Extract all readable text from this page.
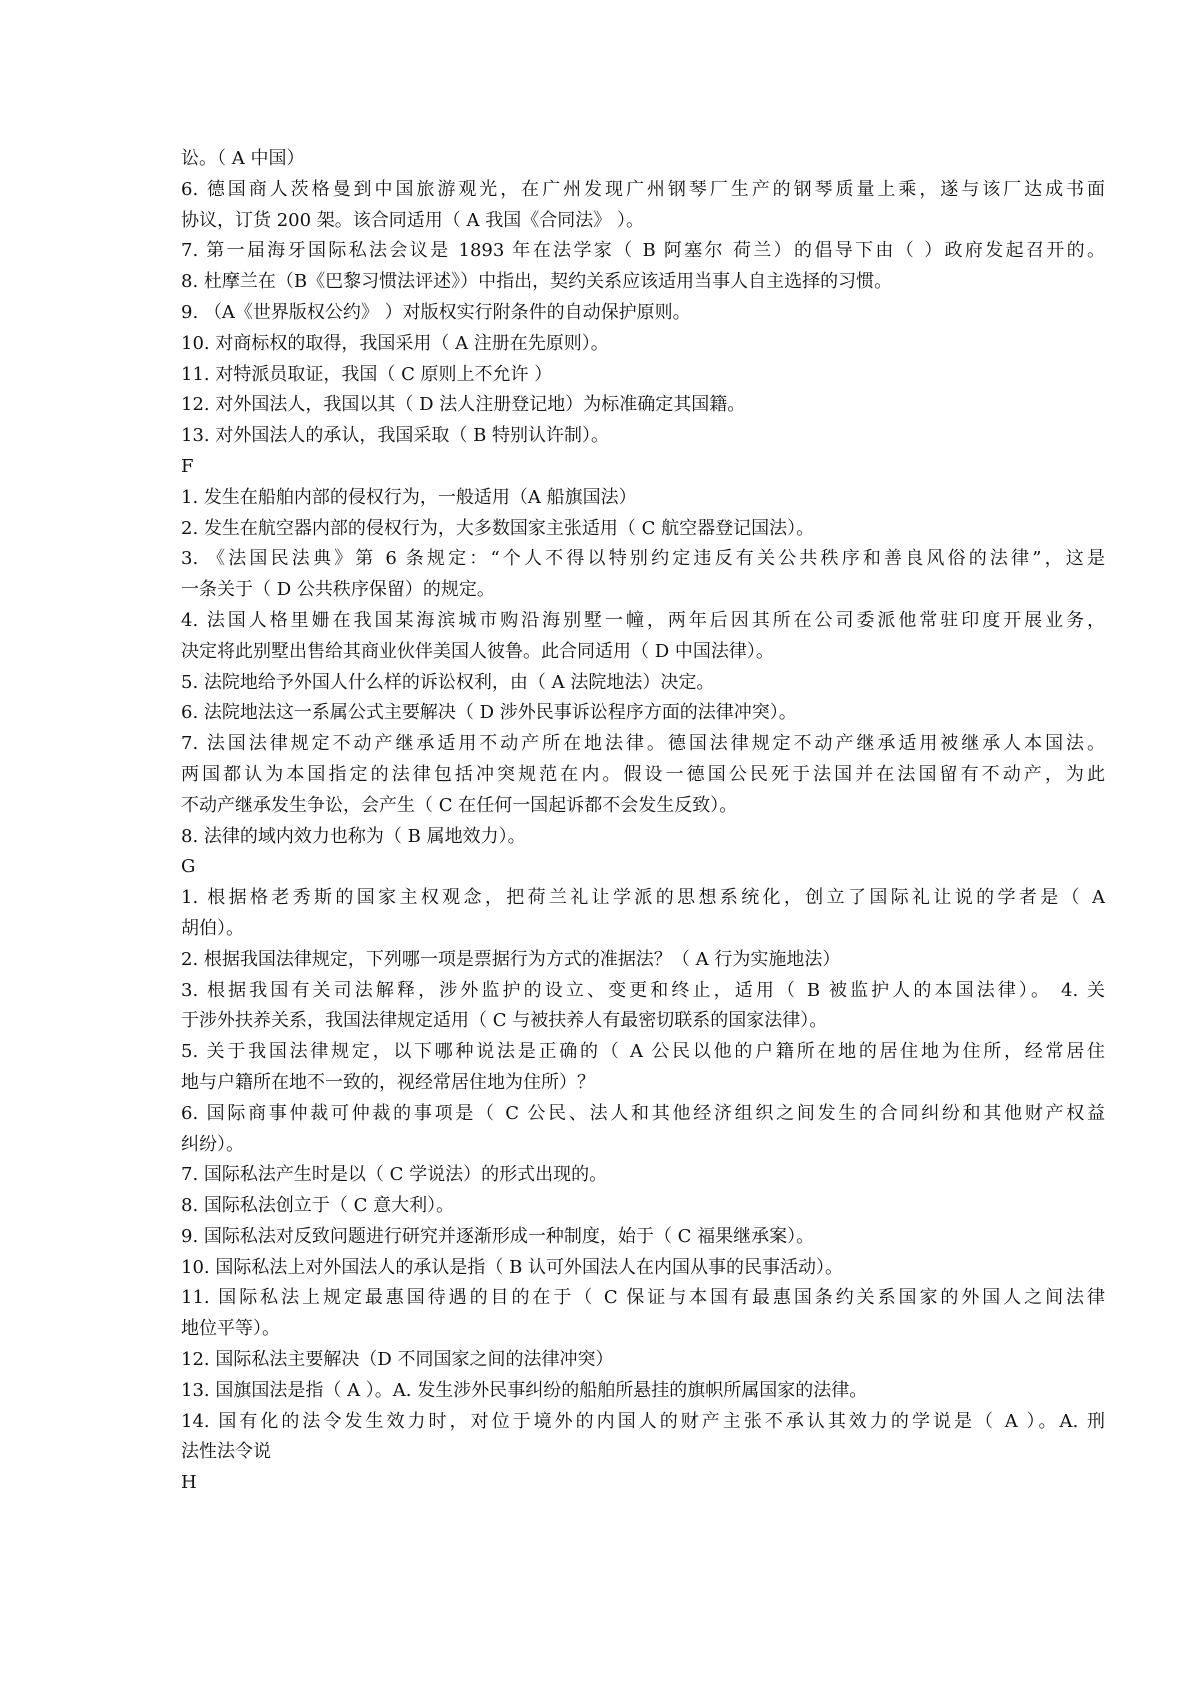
讼。（ A 中国）

6. 德国商人茨格曼到中国旅游观光，在广州发现广州钢琴厂生产的钢琴质量上乘，遂与该厂达成书面

协议，订货 200 架。该合同适用（ A 我国《合同法》 ）。

7. 第一届海牙国际私法会议是 1893 年在法学家（ B 阿塞尔 荷兰）的倡导下由（ ）政府发起召开的。

8. 杜摩兰在（B《巴黎习惯法评述》）中指出，契约关系应该适用当事人自主选择的习惯。

9. （A《世界版权公约》 ）对版权实行附条件的自动保护原则。

10. 对商标权的取得，我国采用（ A 注册在先原则）。

11. 对特派员取证，我国（ C 原则上不允许 ）

12. 对外国法人，我国以其（ D 法人注册登记地）为标准确定其国籍。

13. 对外国法人的承认，我国采取（ B 特别认许制）。

F

1. 发生在船舶内部的侵权行为，一般适用（A 船旗国法）

2. 发生在航空器内部的侵权行为，大多数国家主张适用（ C 航空器登记国法）。

3. 《法国民法典》第 6 条规定：“个人不得以特别约定违反有关公共秩序和善良风俗的法律”，这是

一条关于（ D 公共秩序保留）的规定。

4. 法国人格里姗在我国某海滨城市购沿海别墅一幢，两年后因其所在公司委派他常驻印度开展业务，

决定将此别墅出售给其商业伙伴美国人彼鲁。此合同适用（ D 中国法律）。

5. 法院地给予外国人什么样的诉讼权利，由（ A 法院地法）决定。

6. 法院地法这一系属公式主要解决（ D 涉外民事诉讼程序方面的法律冲突）。

7. 法国法律规定不动产继承适用不动产所在地法律。德国法律规定不动产继承适用被继承人本国法。

两国都认为本国指定的法律包括冲突规范在内。假设一德国公民死于法国并在法国留有不动产，为此

不动产继承发生争讼，会产生（ C 在任何一国起诉都不会发生反致）。

8. 法律的域内效力也称为（ B 属地效力）。

G

1. 根据格老秀斯的国家主权观念，把荷兰礼让学派的思想系统化，创立了国际礼让说的学者是（ A

胡伯）。

2. 根据我国法律规定，下列哪一项是票据行为方式的准据法？（ A 行为实施地法）

3. 根据我国有关司法解释，涉外监护的设立、变更和终止，适用（ B 被监护人的本国法律）。 4. 关

于涉外扶养关系，我国法律规定适用（ C 与被扶养人有最密切联系的国家法律）。

5. 关于我国法律规定，以下哪种说法是正确的（ A 公民以他的户籍所在地的居住地为住所，经常居住

地与户籍所在地不一致的，视经常居住地为住所）？

6. 国际商事仲裁可仲裁的事项是（ C 公民、法人和其他经济组织之间发生的合同纠纷和其他财产权益

纠纷）。

7. 国际私法产生时是以（ C 学说法）的形式出现的。

8. 国际私法创立于（ C 意大利）。

9. 国际私法对反致问题进行研究并逐渐形成一种制度，始于（ C 福果继承案）。

10. 国际私法上对外国法人的承认是指（ B 认可外国法人在内国从事的民事活动）。

11. 国际私法上规定最惠国待遇的目的在于（ C 保证与本国有最惠国条约关系国家的外国人之间法律

地位平等）。

12. 国际私法主要解决（D 不同国家之间的法律冲突）

13. 国旗国法是指（ A ）。A. 发生涉外民事纠纷的船舶所悬挂的旗帜所属国家的法律。

14. 国有化的法令发生效力时，对位于境外的内国人的财产主张不承认其效力的学说是（ A ）。A. 刑

法性法令说

H
